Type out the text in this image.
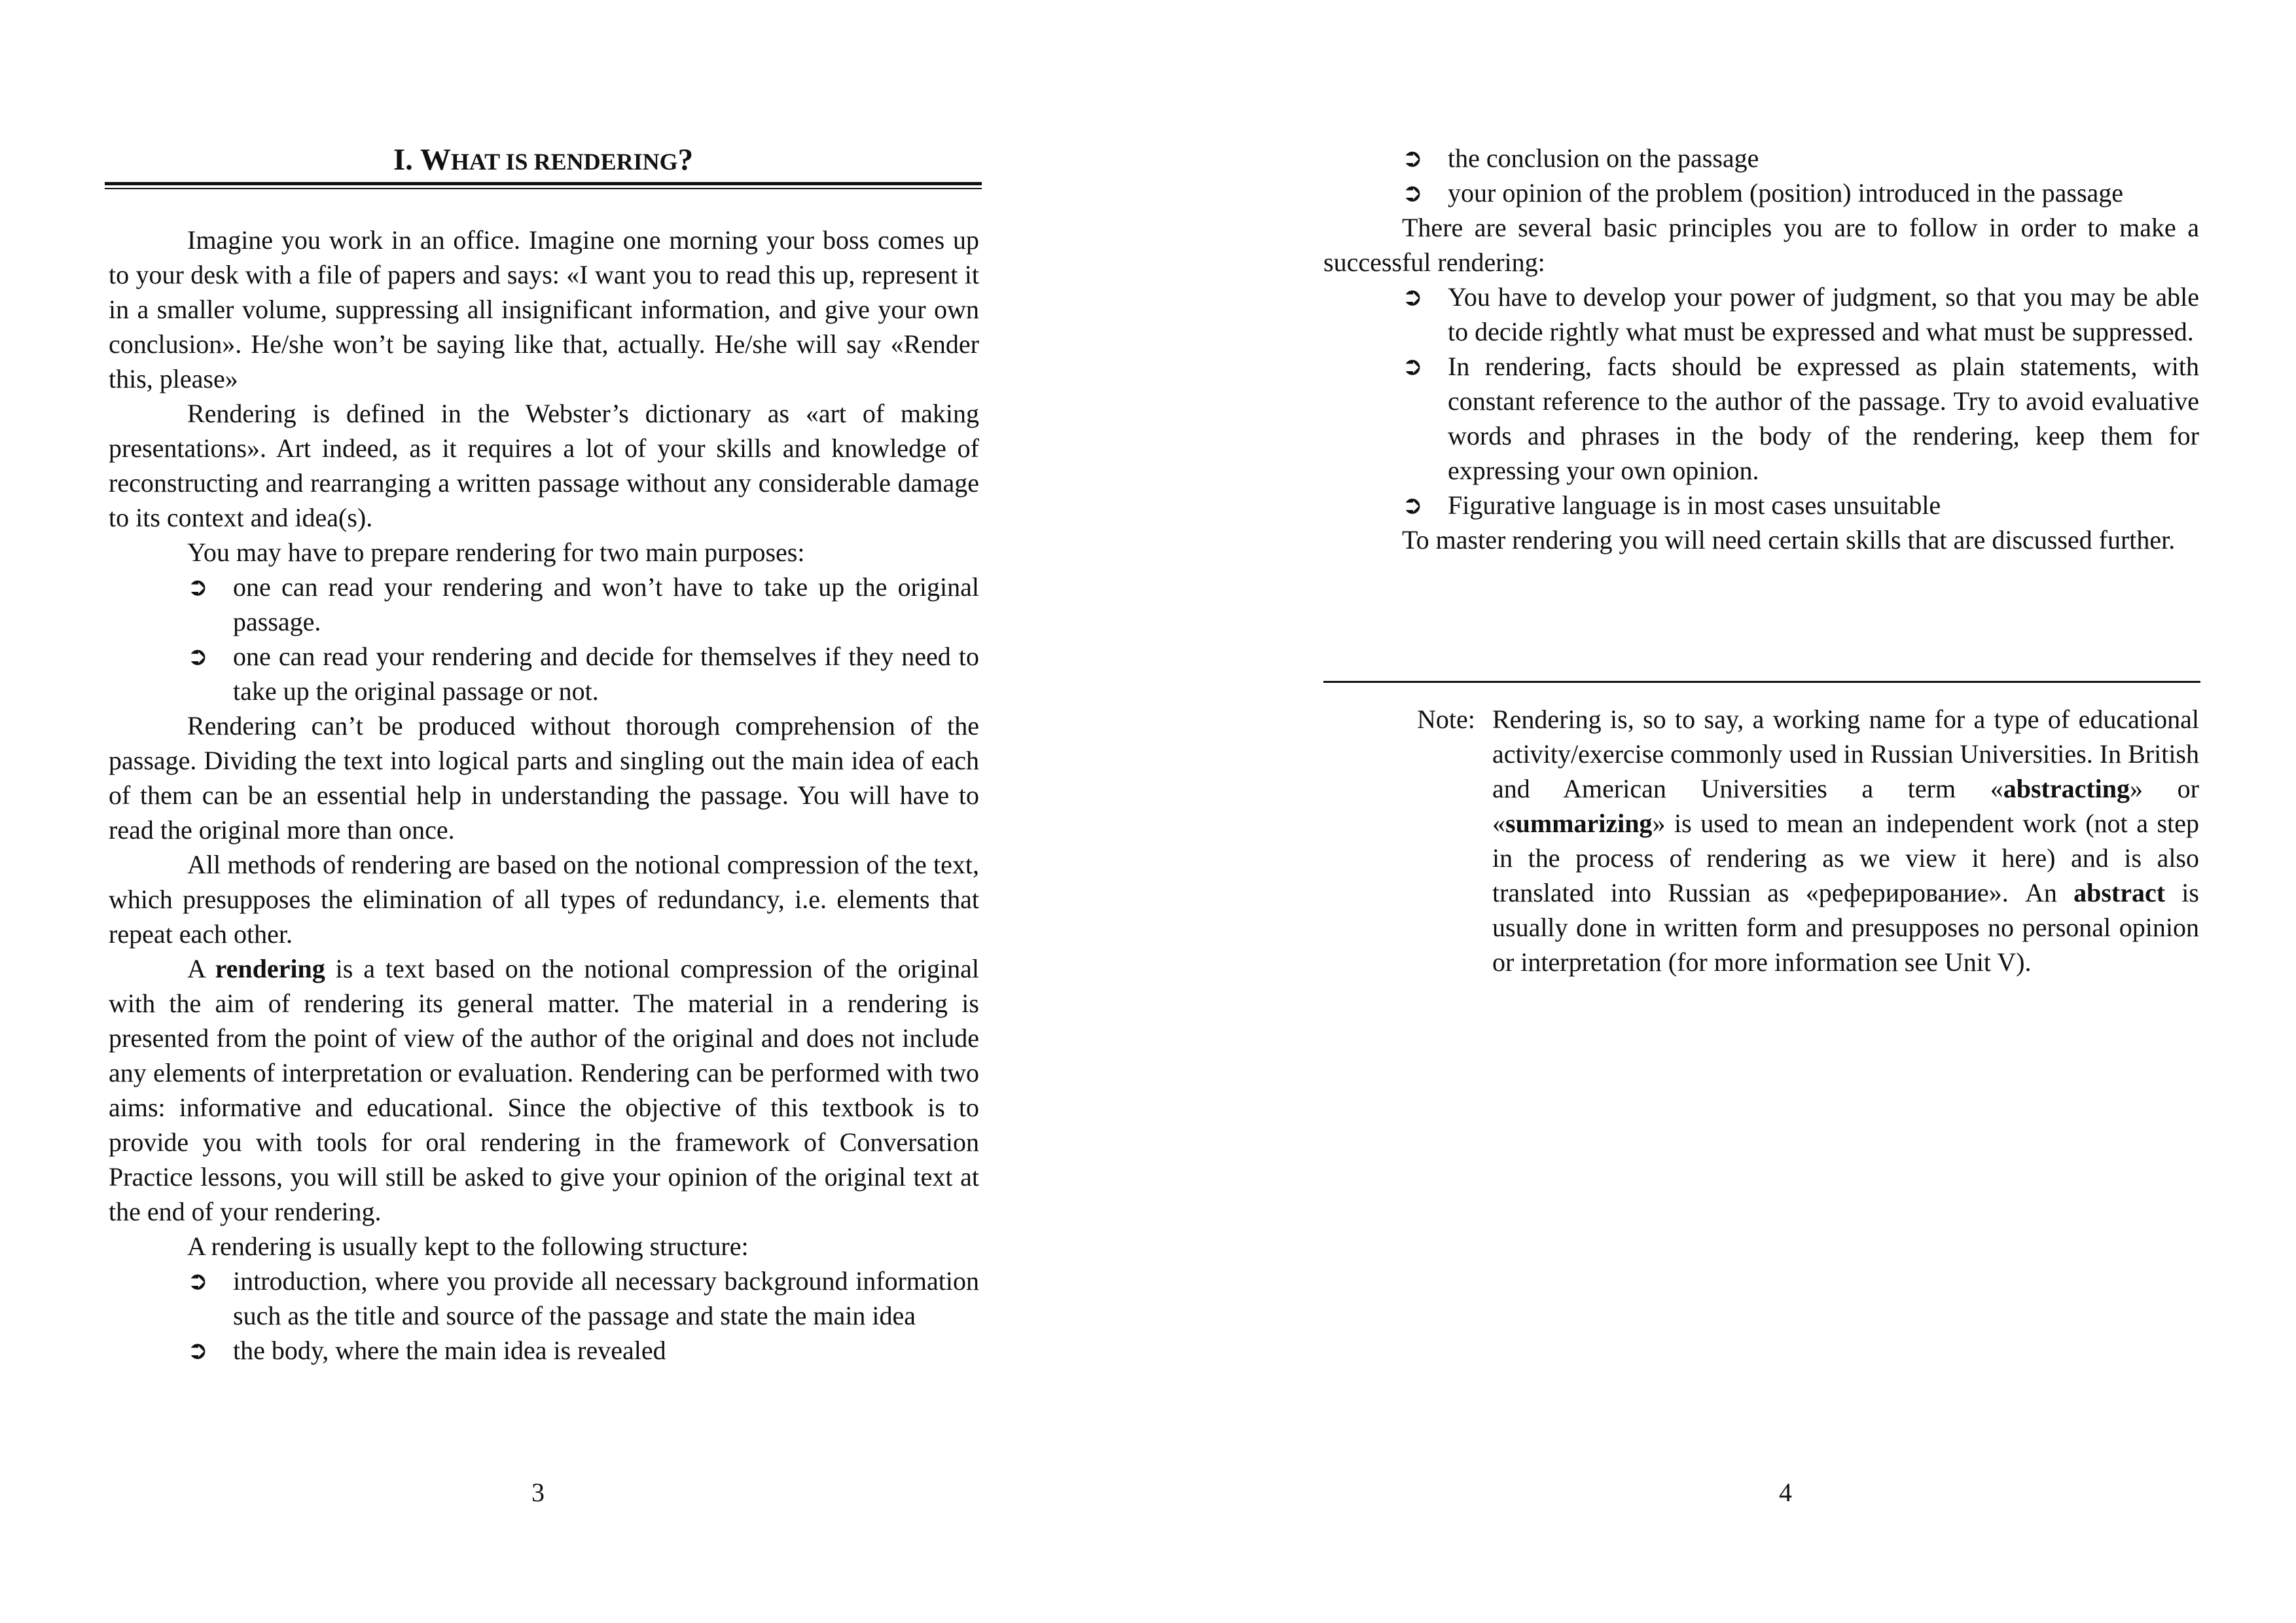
I. WHAT IS RENDERING?

Imagine you work in an office. Imagine one morning your boss comes up to your desk with a file of papers and says: «I want you to read this up, represent it in a smaller volume, suppressing all insignificant information, and give your own conclusion». He/she won’t be saying like that, actually. He/she will say «Render this, please»

Rendering is defined in the Webster’s dictionary as «art of making presentations». Art indeed, as it requires a lot of your skills and knowledge of reconstructing and rearranging a written passage without any considerable damage to its context and idea(s).

You may have to prepare rendering for two main purposes:

➲ one can read your rendering and won’t have to take up the original passage.
➲ one can read your rendering and decide for themselves if they need to take up the original passage or not.

Rendering can’t be produced without thorough comprehension of the passage. Dividing the text into logical parts and singling out the main idea of each of them can be an essential help in understanding the passage. You will have to read the original more than once.

All methods of rendering are based on the notional compression of the text, which presupposes the elimination of all types of redundancy, i.e. elements that repeat each other.

A rendering is a text based on the notional compression of the original with the aim of rendering its general matter. The material in a rendering is presented from the point of view of the author of the original and does not include any elements of interpretation or evaluation. Rendering can be performed with two aims: informative and educational. Since the objective of this textbook is to provide you with tools for oral rendering in the framework of Conversation Practice lessons, you will still be asked to give your opinion of the original text at the end of your rendering.

A rendering is usually kept to the following structure:

➲ introduction, where you provide all necessary background information such as the title and source of the passage and state the main idea
➲ the body, where the main idea is revealed
3
➲ the conclusion on the passage
➲ your opinion of the problem (position) introduced in the passage

There are several basic principles you are to follow in order to make a successful rendering:

➲ You have to develop your power of judgment, so that you may be able to decide rightly what must be expressed and what must be suppressed.
➲ In rendering, facts should be expressed as plain statements, with constant reference to the author of the passage. Try to avoid evaluative words and phrases in the body of the rendering, keep them for expressing your own opinion.
➲ Figurative language is in most cases unsuitable

To master rendering you will need certain skills that are discussed further.

Note: Rendering is, so to say, a working name for a type of educational activity/exercise commonly used in Russian Universities. In British and American Universities a term «abstracting» or «summarizing» is used to mean an independent work (not a step in the process of rendering as we view it here) and is also translated into Russian as «реферирование». An abstract is usually done in written form and presupposes no personal opinion or interpretation (for more information see Unit V).
4
